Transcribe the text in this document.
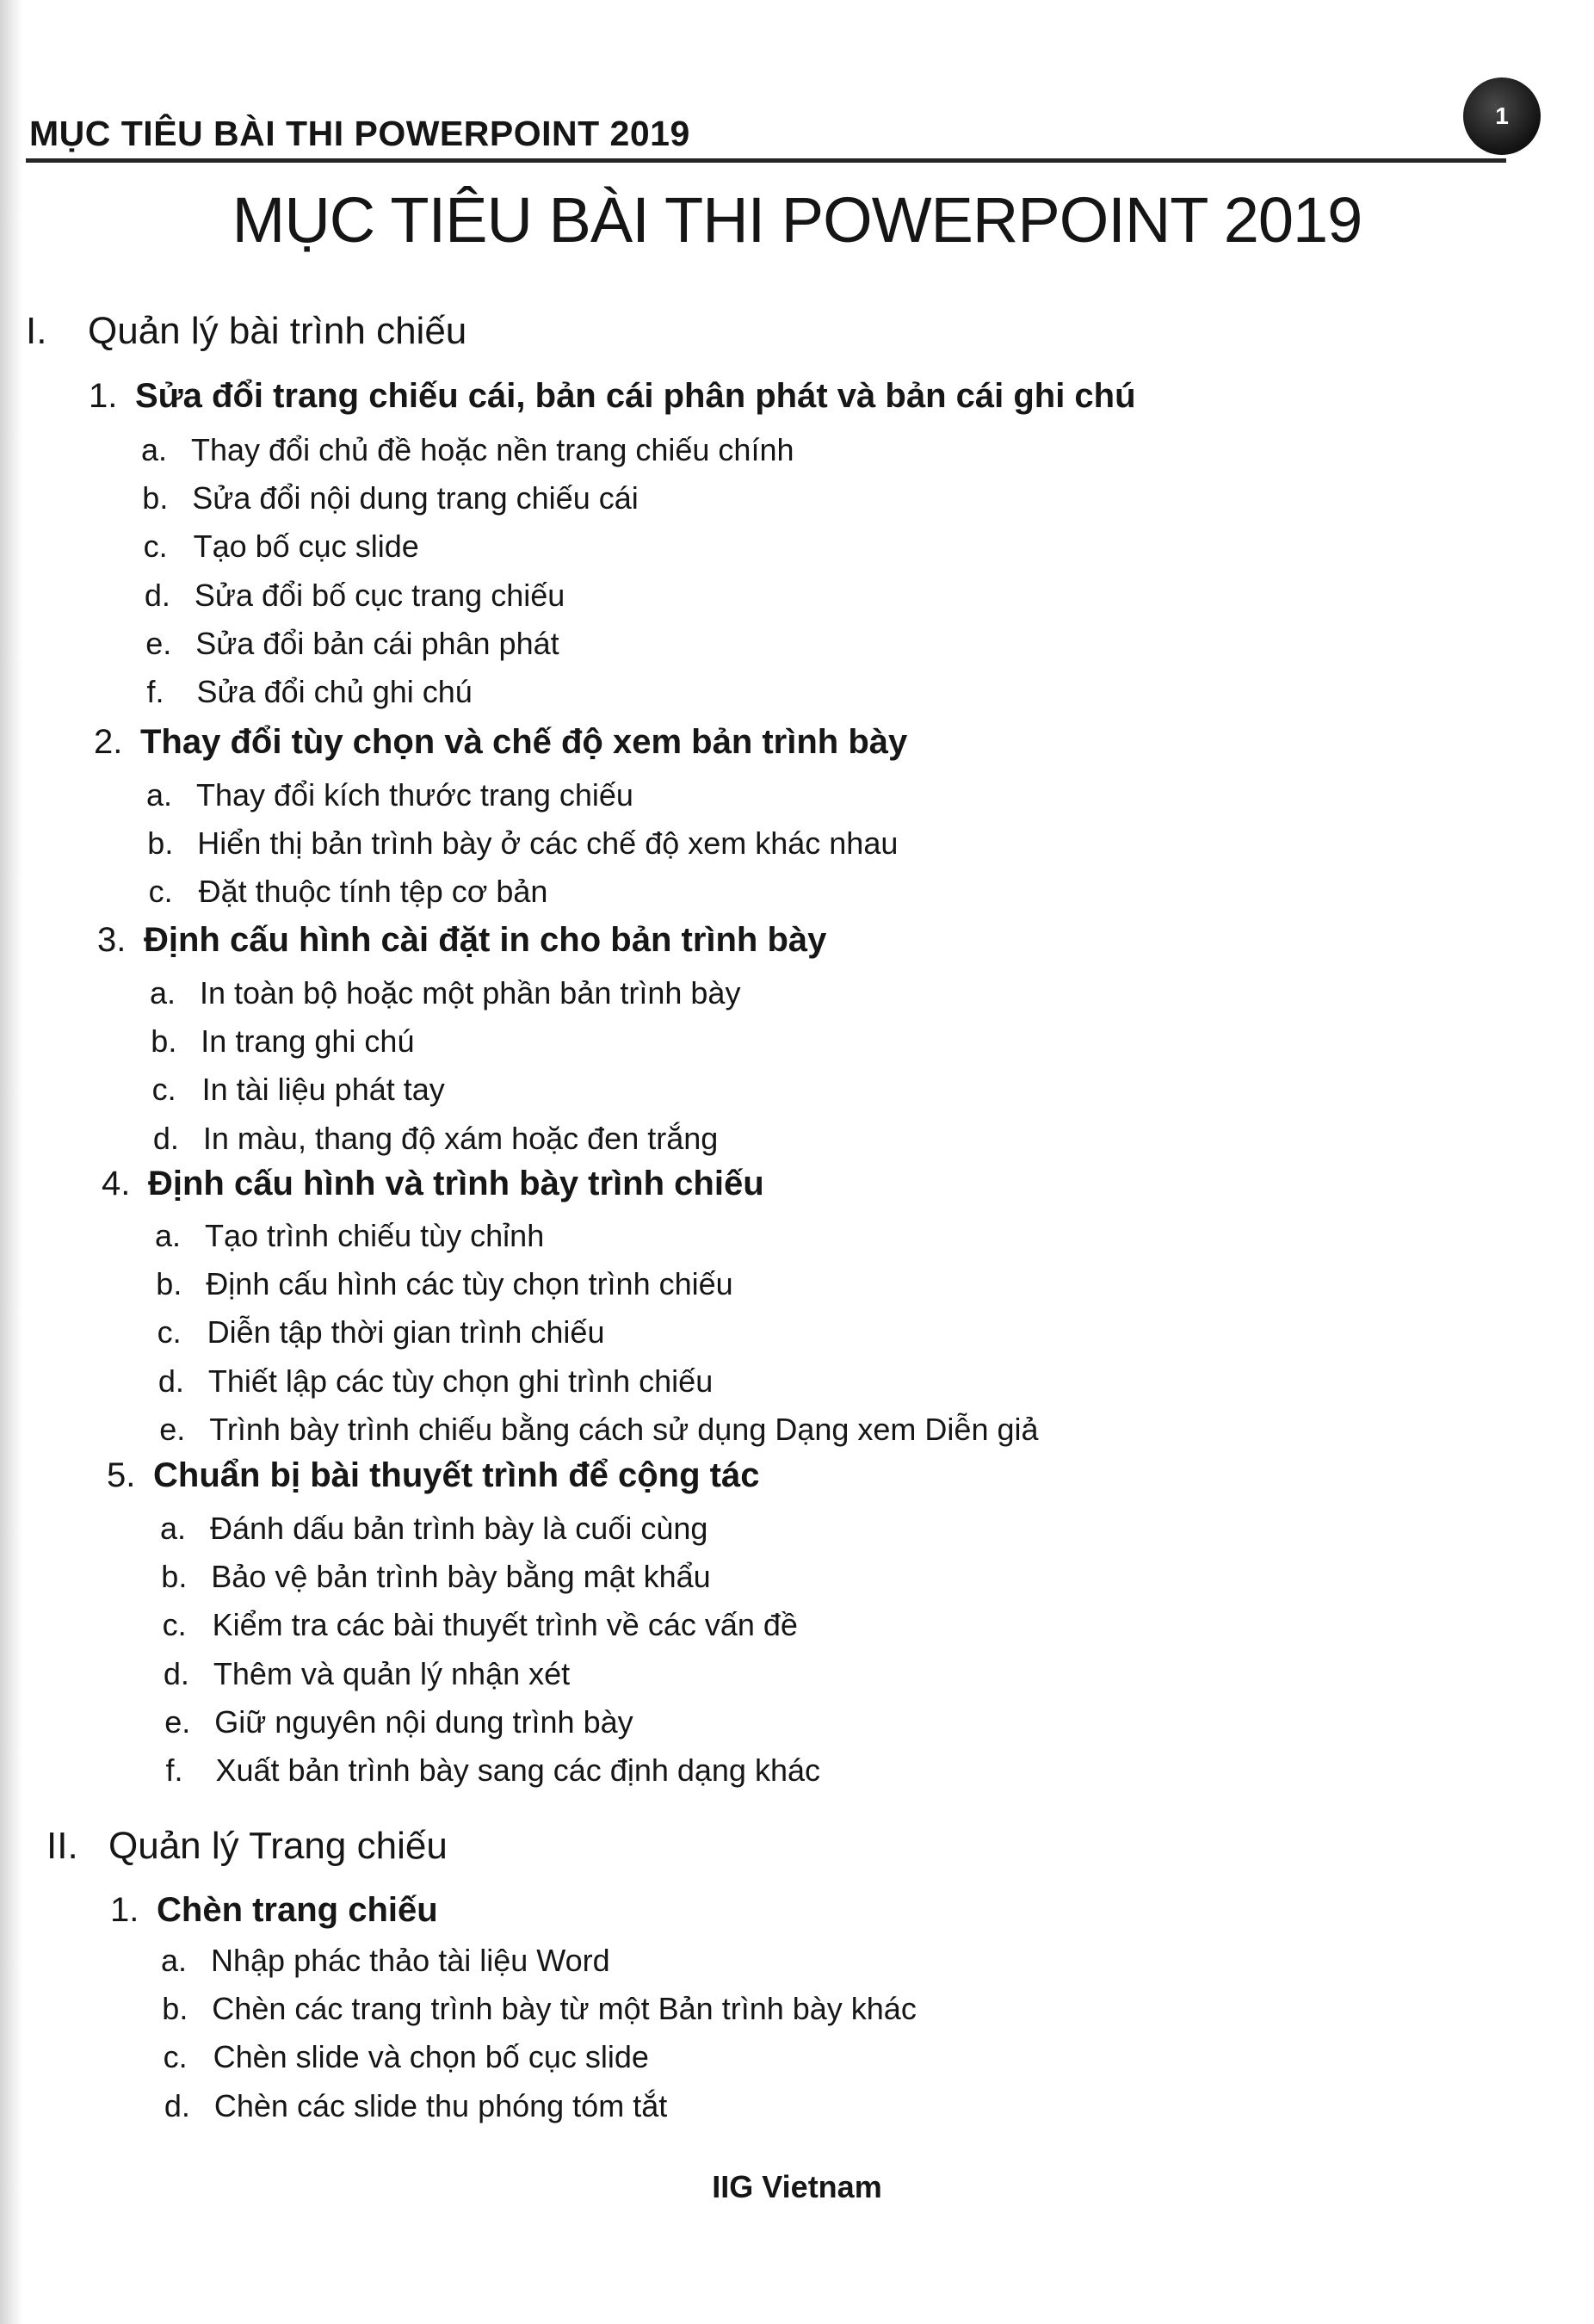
MỤC TIÊU BÀI THI POWERPOINT 2019	1
MỤC TIÊU BÀI THI POWERPOINT 2019
I. Quản lý bài trình chiếu
1. Sửa đổi trang chiếu cái, bản cái phân phát và bản cái ghi chú
a. Thay đổi chủ đề hoặc nền trang chiếu chính
b. Sửa đổi nội dung trang chiếu cái
c. Tạo bố cục slide
d. Sửa đổi bố cục trang chiếu
e. Sửa đổi bản cái phân phát
f. Sửa đổi chủ ghi chú
2. Thay đổi tùy chọn và chế độ xem bản trình bày
a. Thay đổi kích thước trang chiếu
b. Hiển thị bản trình bày ở các chế độ xem khác nhau
c. Đặt thuộc tính tệp cơ bản
3. Định cấu hình cài đặt in cho bản trình bày
a. In toàn bộ hoặc một phần bản trình bày
b. In trang ghi chú
c. In tài liệu phát tay
d. In màu, thang độ xám hoặc đen trắng
4. Định cấu hình và trình bày trình chiếu
a. Tạo trình chiếu tùy chỉnh
b. Định cấu hình các tùy chọn trình chiếu
c. Diễn tập thời gian trình chiếu
d. Thiết lập các tùy chọn ghi trình chiếu
e. Trình bày trình chiếu bằng cách sử dụng Dạng xem Diễn giả
5. Chuẩn bị bài thuyết trình để cộng tác
a. Đánh dấu bản trình bày là cuối cùng
b. Bảo vệ bản trình bày bằng mật khẩu
c. Kiểm tra các bài thuyết trình về các vấn đề
d. Thêm và quản lý nhận xét
e. Giữ nguyên nội dung trình bày
f. Xuất bản trình bày sang các định dạng khác
II. Quản lý Trang chiếu
1. Chèn trang chiếu
a. Nhập phác thảo tài liệu Word
b. Chèn các trang trình bày từ một Bản trình bày khác
c. Chèn slide và chọn bố cục slide
d. Chèn các slide thu phóng tóm tắt
IIG Vietnam
